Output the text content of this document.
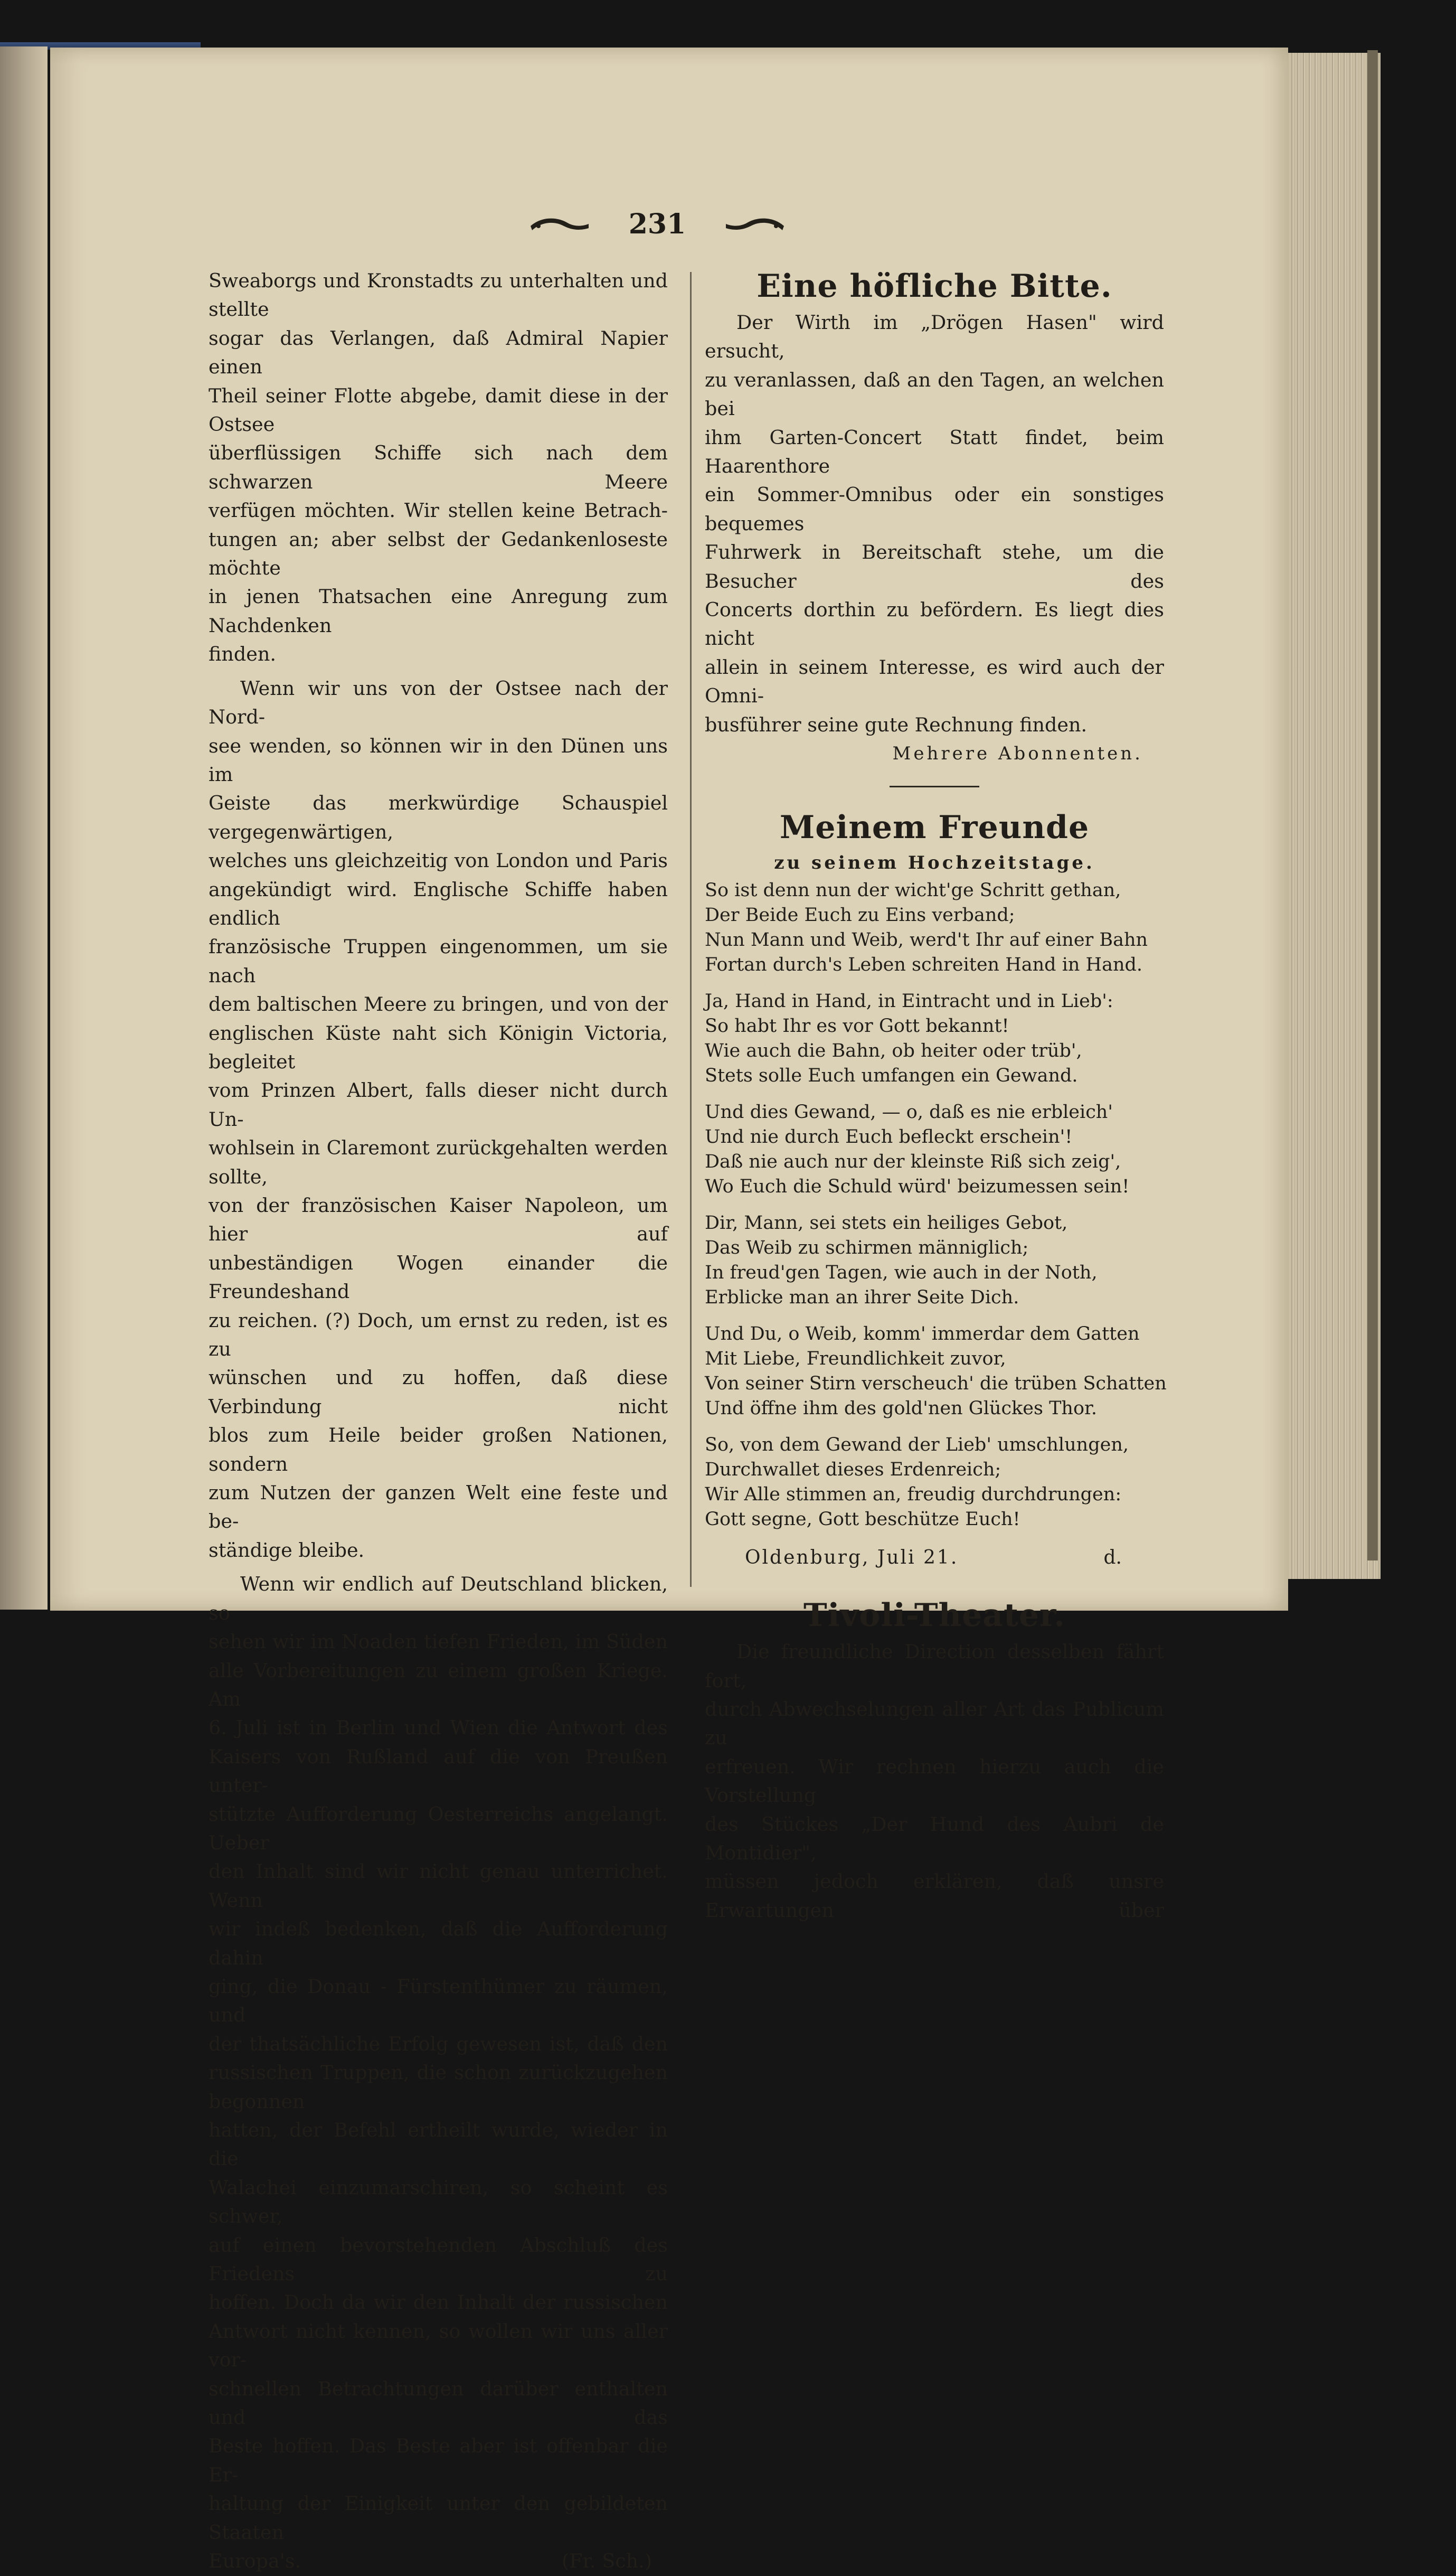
231

Sweaborgs und Kronstadts zu unterhalten und stellte

sogar das Verlangen, daß Admiral Napier einen

Theil seiner Flotte abgebe, damit diese in der Ostsee

überflüssigen Schiffe sich nach dem schwarzen Meere

verfügen möchten. Wir stellen keine Betrach-

tungen an; aber selbst der Gedankenloseste möchte

in jenen Thatsachen eine Anregung zum Nachdenken

finden.

Wenn wir uns von der Ostsee nach der Nord-

see wenden, so können wir in den Dünen uns im

Geiste das merkwürdige Schauspiel vergegenwärtigen,

welches uns gleichzeitig von London und Paris

angekündigt wird. Englische Schiffe haben endlich

französische Truppen eingenommen, um sie nach

dem baltischen Meere zu bringen, und von der

englischen Küste naht sich Königin Victoria, begleitet

vom Prinzen Albert, falls dieser nicht durch Un-

wohlsein in Claremont zurückgehalten werden sollte,

von der französischen Kaiser Napoleon, um hier auf

unbeständigen Wogen einander die Freundeshand

zu reichen. (?) Doch, um ernst zu reden, ist es zu

wünschen und zu hoffen, daß diese Verbindung nicht

blos zum Heile beider großen Nationen, sondern

zum Nutzen der ganzen Welt eine feste und be-

ständige bleibe.

Wenn wir endlich auf Deutschland blicken, so

sehen wir im Noaden tiefen Frieden, im Süden

alle Vorbereitungen zu einem großen Kriege. Am

6. Juli ist in Berlin und Wien die Antwort des

Kaisers von Rußland auf die von Preußen unter-

stützte Aufforderung Oesterreichs angelangt. Ueber

den Inhalt sind wir nicht genau unterrichet. Wenn

wir indeß bedenken, daß die Aufforderung dahin

ging, die Donau - Fürstenthümer zu räumen, und

der thatsächliche Erfolg gewesen ist, daß den

russischen Truppen, die schon zurückzugehen begonnen

hatten, der Befehl ertheilt wurde, wieder in die

Walachei einzumarschiren, so scheint es schwer,

auf einen bevorstehenden Abschluß des Friedens zu

hoffen. Doch da wir den Inhalt der russischen

Antwort nicht kennen, so wollen wir uns aller vor-

schnellen Betrachtungen darüber enthalten und das

Beste hoffen. Das Beste aber ist offenbar die Er-

haltung der Einigkeit unter den gebildeten Staaten

Europa's.	(Fr. Sch.)

Eine höfliche Bitte.

Der Wirth im „Drögen Hasen" wird ersucht,

zu veranlassen, daß an den Tagen, an welchen bei

ihm Garten-Concert Statt findet, beim Haarenthore

ein Sommer-Omnibus oder ein sonstiges bequemes

Fuhrwerk in Bereitschaft stehe, um die Besucher des

Concerts dorthin zu befördern. Es liegt dies nicht

allein in seinem Interesse, es wird auch der Omni-

busführer seine gute Rechnung finden.

Mehrere Abonnenten.

Meinem Freunde

zu seinem Hochzeitstage.

So ist denn nun der wicht'ge Schritt gethan,

Der Beide Euch zu Eins verband;

Nun Mann und Weib, werd't Ihr auf einer Bahn

Fortan durch's Leben schreiten Hand in Hand.

Ja, Hand in Hand, in Eintracht und in Lieb':

So habt Ihr es vor Gott bekannt!

Wie auch die Bahn, ob heiter oder trüb',

Stets solle Euch umfangen ein Gewand.

Und dies Gewand, — o, daß es nie erbleich'

Und nie durch Euch befleckt erschein'!

Daß nie auch nur der kleinste Riß sich zeig',

Wo Euch die Schuld würd' beizumessen sein!

Dir, Mann, sei stets ein heiliges Gebot,

Das Weib zu schirmen männiglich;

In freud'gen Tagen, wie auch in der Noth,

Erblicke man an ihrer Seite Dich.

Und Du, o Weib, komm' immerdar dem Gatten

Mit Liebe, Freundlichkeit zuvor,

Von seiner Stirn verscheuch' die trüben Schatten

Und öffne ihm des gold'nen Glückes Thor.

So, von dem Gewand der Lieb' umschlungen,

Durchwallet dieses Erdenreich;

Wir Alle stimmen an, freudig durchdrungen:

Gott segne, Gott beschütze Euch!

Oldenburg, Juli 21.	d.

Tivoli-Theater.

Die freundliche Direction desselben fährt fort,

durch Abwechselungen aller Art das Publicum zu

erfreuen. Wir rechnen hierzu auch die Vorstellung

des Stückes „Der Hund des Aubri de Montidier",

müssen jedoch erklären, daß unsre Erwartungen über
